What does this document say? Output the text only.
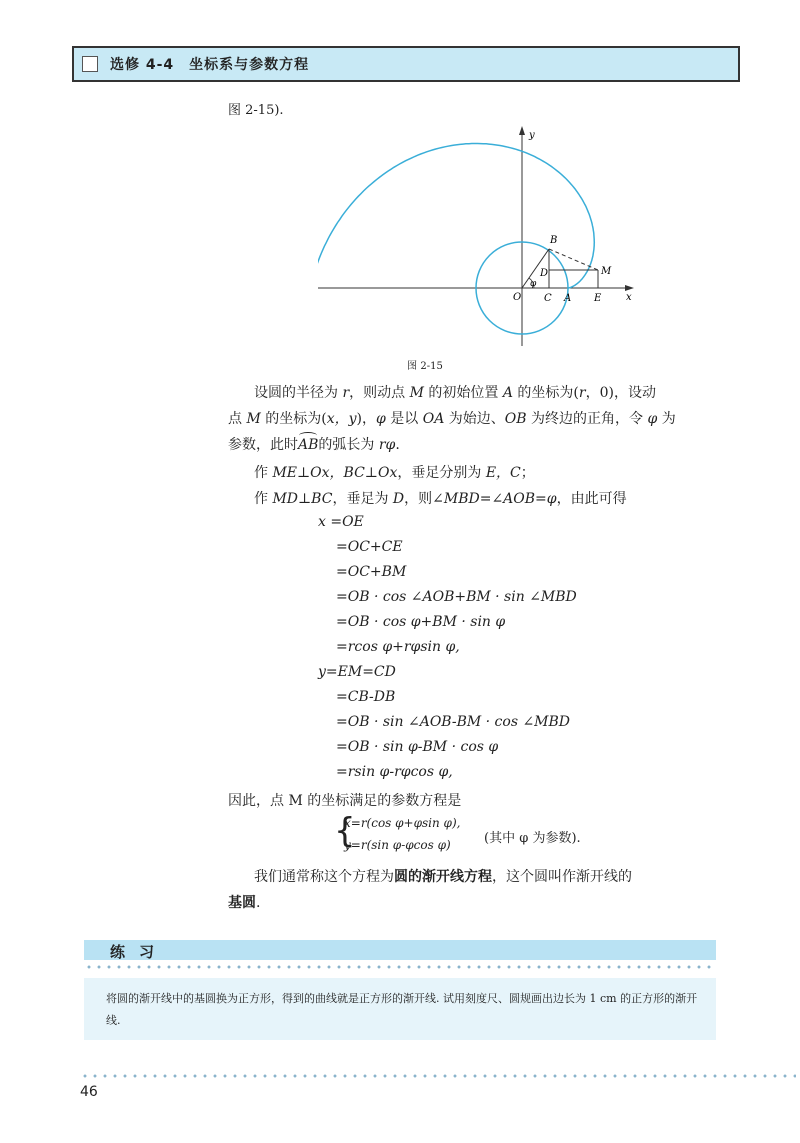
选修 4-4　坐标系与参数方程
图 2-15).
O C A E
B
D	M
φ
x
y
图 2-15
设圆的半径为 r，则动点 M 的初始位置 A 的坐标为(r，0)，设动
点 M 的坐标为(x，y)，φ 是以 OA 为始边、OB 为终边的正角，令 φ 为
参数，此时AB的弧长为 rφ.
作 ME⊥Ox，BC⊥Ox，垂足分别为 E，C；
作 MD⊥BC，垂足为 D，则∠MBD=∠AOB=φ，由此可得
x =OE
=OC+CE
=OC+BM
=OB · cos ∠AOB+BM · sin ∠MBD
=OB · cos φ+BM · sin φ
=rcos φ+rφsin φ,
y=EM=CD
=CB-DB
=OB · sin ∠AOB-BM · cos ∠MBD
=OB · sin φ-BM · cos φ
=rsin φ-rφcos φ,
因此，点 M 的坐标满足的参数方程是
{
x=r(cos φ+φsin φ),
y=r(sin φ-φcos φ)	(其中 φ 为参数).
我们通常称这个方程为圆的渐开线方程，这个圆叫作渐开线的
基圆.
练习
将圆的渐开线中的基圆换为正方形，得到的曲线就是正方形的渐开线. 试用刻度尺、圆规画出边长为 1 cm 的正方形的渐开线.
46
